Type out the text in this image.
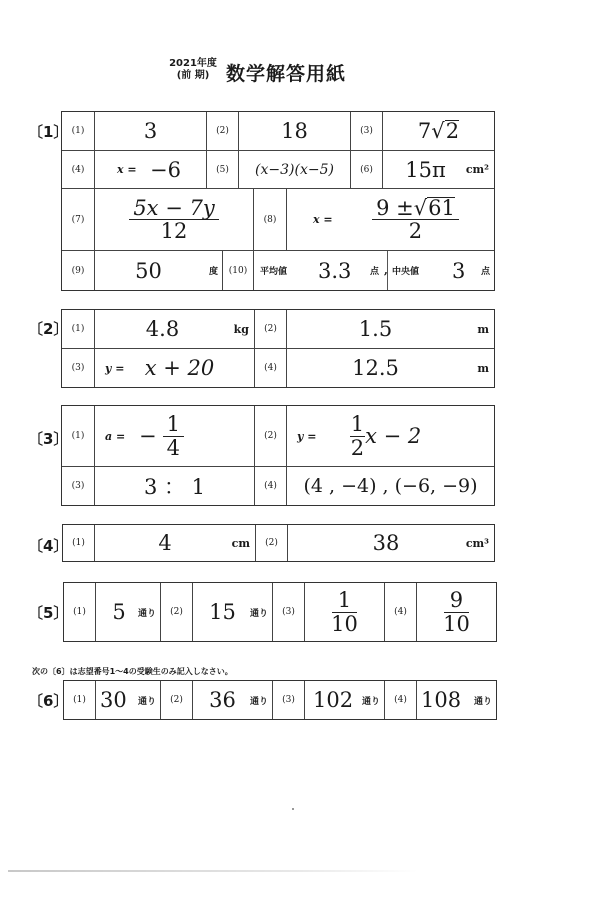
2021年度
(前 期) 数学解答用紙
〔1〕 (1)	3	(2)	18	(3)	7√2
(4)	x = −6	(5)	(x−3)(x−5)	(6)	15π cm²
(7)	$\frac{5x - 7y}{12}$	(8)	$x = \frac{9 \pm√61}{2}$
(9)	50	度	(10)	平均値 3.3 点 , 中央値 3 点
〔2〕 (1)	4.8	kg	(2)	1.5	m
(3)	y = x + 20	(4)	12.5	m
〔3〕 (1)	a = − $\frac{1}{4}$	(2)	$y = \frac{1}{2}$ x − 2
(3)	3 ： 1	(4)	(4 , −4) , (−6, −9)
〔4〕 (1)	4	cm	(2)	38	cm³
〔5〕 (1)	5 通り	(2)	15 通り	(3)	$\frac{1}{10}$	(4)	$\frac{9}{10}$
次の〔6〕は志望番号1～4の受験生のみ記入しなさい。
〔6〕 (1) 30 通り	(2)	36 通り	(3) 102 通り	(4) 108 通り
